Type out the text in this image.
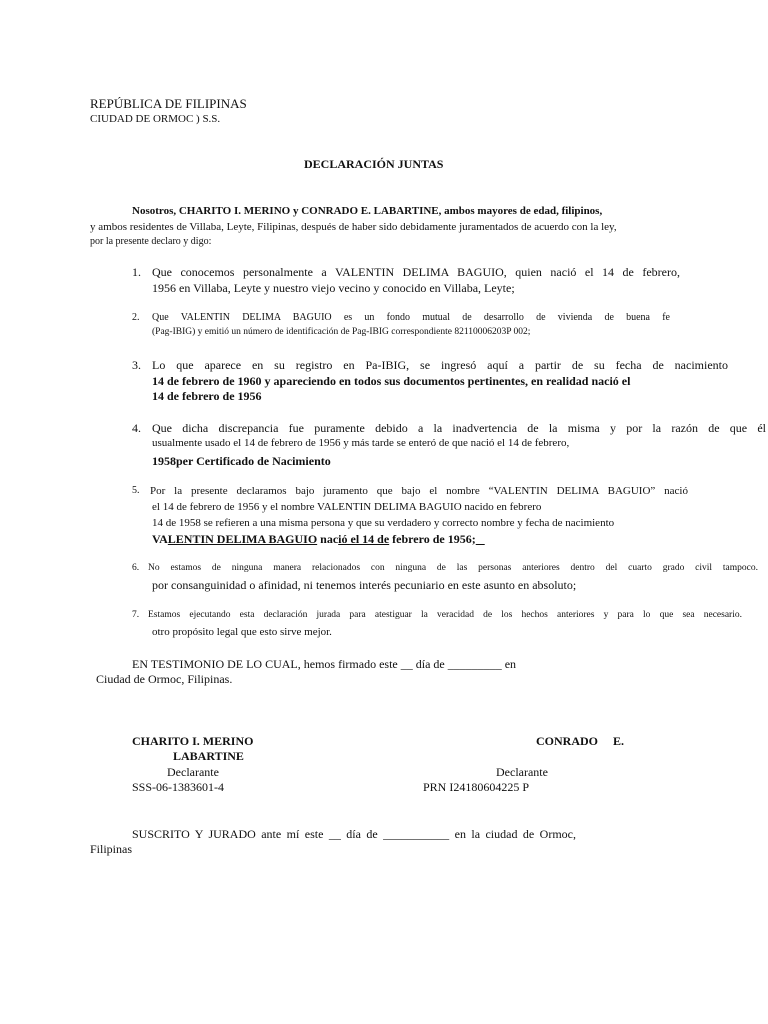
REPÚBLICA DE FILIPINAS
CIUDAD DE ORMOC ) S.S.
DECLARACIÓN JUNTAS
Nosotros, CHARITO I. MERINO y CONRADO E. LABARTINE, ambos mayores de edad, filipinos,
y ambos residentes de Villaba, Leyte, Filipinas, después de haber sido debidamente juramentados de acuerdo con la ley,
por la presente declaro y digo:
1. Que conocemos personalmente a VALENTIN DELIMA BAGUIO, quien nació el 14 de febrero,
1956 en Villaba, Leyte y nuestro viejo vecino y conocido en Villaba, Leyte;
2. Que VALENTIN DELIMA BAGUIO es un fondo mutual de desarrollo de vivienda de buena fe
(Pag-IBIG) y emitió un número de identificación de Pag-IBIG correspondiente 82110006203P 002;
3. Lo que aparece en su registro en Pa-IBIG, se ingresó aquí a partir de su fecha de nacimiento
14 de febrero de 1960 y apareciendo en todos sus documentos pertinentes, en realidad nació el
14 de febrero de 1956
4. Que dicha discrepancia fue puramente debido a la inadvertencia de la misma y por la razón de que él
usualmente usado el 14 de febrero de 1956 y más tarde se enteró de que nació el 14 de febrero,
1958per Certificado de Nacimiento
5. Por la presente declaramos bajo juramento que bajo el nombre “VALENTIN DELIMA BAGUIO” nació
el 14 de febrero de 1956 y el nombre VALENTIN DELIMA BAGUIO nacido en febrero
14 de 1958 se refieren a una misma persona y que su verdadero y correcto nombre y fecha de nacimiento
VALENTIN DELIMA BAGUIO nació el 14 de febrero de 1956;
6. No estamos de ninguna manera relacionados con ninguna de las personas anteriores dentro del cuarto grado civil tampoco.
por consanguinidad o afinidad, ni tenemos interés pecuniario en este asunto en absoluto;
7. Estamos ejecutando esta declaración jurada para atestiguar la veracidad de los hechos anteriores y para lo que sea necesario.
otro propósito legal que esto sirve mejor.
EN TESTIMONIO DE LO CUAL, hemos firmado este __ día de _________ en
Ciudad de Ormoc, Filipinas.
CHARITO I. MERINO
LABARTINE
Declarante
SSS-06-1383601-4
CONRADO     E.
Declarante
PRN I24180604225 P
SUSCRITO Y JURADO ante mí este __ día de ___________ en la ciudad de Ormoc,
Filipinas
